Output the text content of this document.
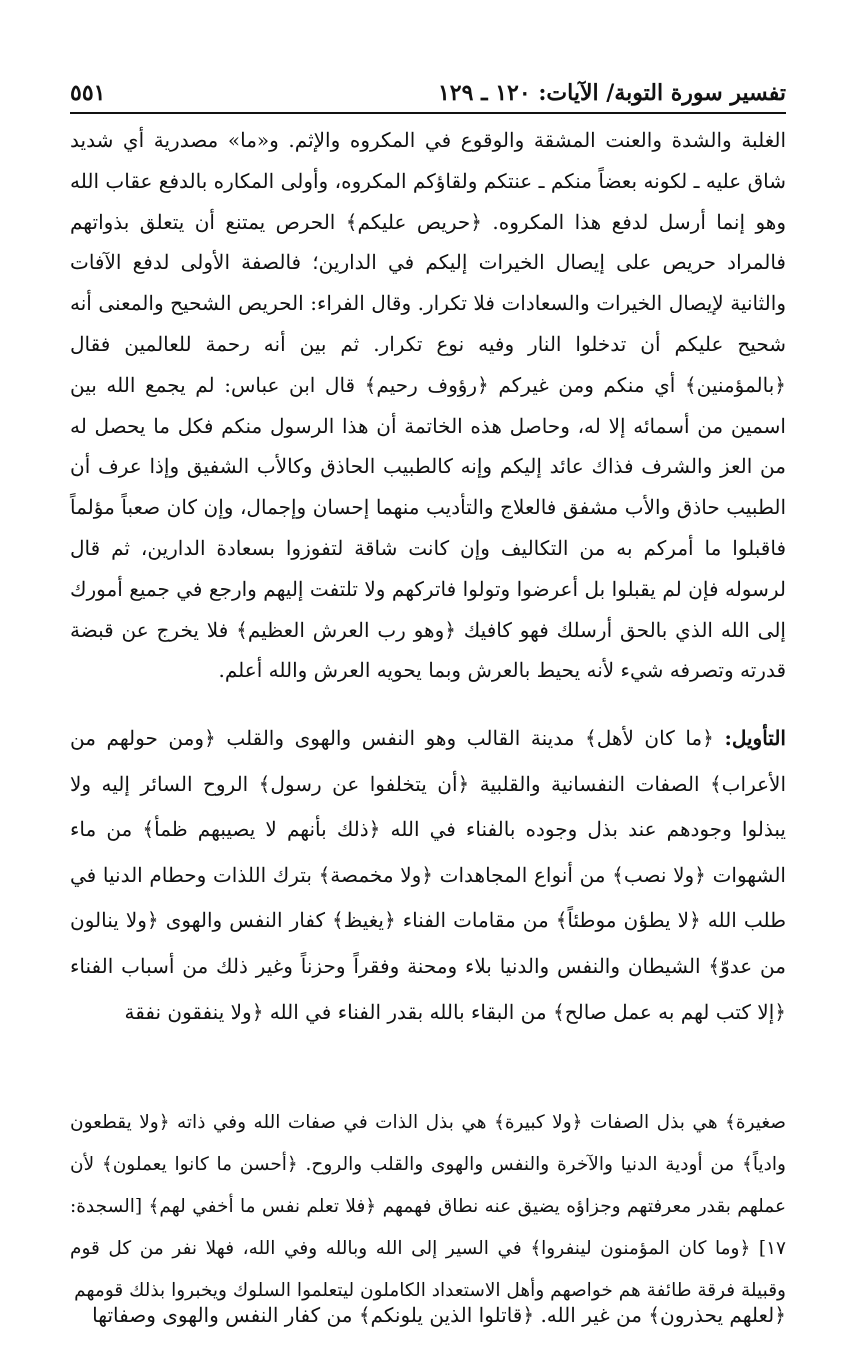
تفسير سورة التوبة/ الآيات: ١٢٠ ـ ١٢٩
٥٥١

الغلبة والشدة والعنت المشقة والوقوع في المكروه والإثم. و«ما» مصدرية أي شديد شاق عليه ـ لكونه بعضاً منكم ـ عنتكم ولقاؤكم المكروه، وأولى المكاره بالدفع عقاب الله وهو إنما أرسل لدفع هذا المكروه. ﴿حريص عليكم﴾ الحرص يمتنع أن يتعلق بذواتهم فالمراد حريص على إيصال الخيرات إليكم في الدارين؛ فالصفة الأولى لدفع الآفات والثانية لإيصال الخيرات والسعادات فلا تكرار. وقال الفراء: الحريص الشحيح والمعنى أنه شحيح عليكم أن تدخلوا النار وفيه نوع تكرار. ثم بين أنه رحمة للعالمين فقال ﴿بالمؤمنين﴾ أي منكم ومن غيركم ﴿رؤوف رحيم﴾ قال ابن عباس: لم يجمع الله بين اسمين من أسمائه إلا له، وحاصل هذه الخاتمة أن هذا الرسول منكم فكل ما يحصل له من العز والشرف فذاك عائد إليكم وإنه كالطبيب الحاذق وكالأب الشفيق وإذا عرف أن الطبيب حاذق والأب مشفق فالعلاج والتأديب منهما إحسان وإجمال، وإن كان صعباً مؤلماً فاقبلوا ما أمركم به من التكاليف وإن كانت شاقة لتفوزوا بسعادة الدارين، ثم قال لرسوله فإن لم يقبلوا بل أعرضوا وتولوا فاتركهم ولا تلتفت إليهم وارجع في جميع أمورك إلى الله الذي بالحق أرسلك فهو كافيك ﴿وهو رب العرش العظيم﴾ فلا يخرج عن قبضة قدرته وتصرفه شيء لأنه يحيط بالعرش وبما يحويه العرش والله أعلم.

التأويل: ﴿ما كان لأهل﴾ مدينة القالب وهو النفس والهوى والقلب ﴿ومن حولهم من الأعراب﴾ الصفات النفسانية والقلبية ﴿أن يتخلفوا عن رسول﴾ الروح السائر إليه ولا يبذلوا وجودهم عند بذل وجوده بالفناء في الله ﴿ذلك بأنهم لا يصيبهم ظمأ﴾ من ماء الشهوات ﴿ولا نصب﴾ من أنواع المجاهدات ﴿ولا مخمصة﴾ بترك اللذات وحطام الدنيا في طلب الله ﴿لا يطؤن موطئاً﴾ من مقامات الفناء ﴿يغيظ﴾ كفار النفس والهوى ﴿ولا ينالون من عدوّ﴾ الشيطان والنفس والدنيا بلاء ومحنة وفقراً وحزناً وغير ذلك من أسباب الفناء ﴿إلا كتب لهم به عمل صالح﴾ من البقاء بالله بقدر الفناء في الله ﴿ولا ينفقون نفقة

صغيرة﴾ هي بذل الصفات ﴿ولا كبيرة﴾ هي بذل الذات في صفات الله وفي ذاته ﴿ولا يقطعون وادياً﴾ من أودية الدنيا والآخرة والنفس والهوى والقلب والروح. ﴿أحسن ما كانوا يعملون﴾ لأن عملهم بقدر معرفتهم وجزاؤه يضيق عنه نطاق فهمهم ﴿فلا تعلم نفس ما أخفي لهم﴾ [السجدة: ١٧] ﴿وما كان المؤمنون لينفروا﴾ في السير إلى الله وبالله وفي الله، فهلا نفر من كل قوم وقبيلة فرقة طائفة هم خواصهم وأهل الاستعداد الكاملون ليتعلموا السلوك ويخبروا بذلك قومهم

﴿لعلهم يحذرون﴾ من غير الله. ﴿قاتلوا الذين يلونكم﴾ من كفار النفس والهوى وصفاتها
